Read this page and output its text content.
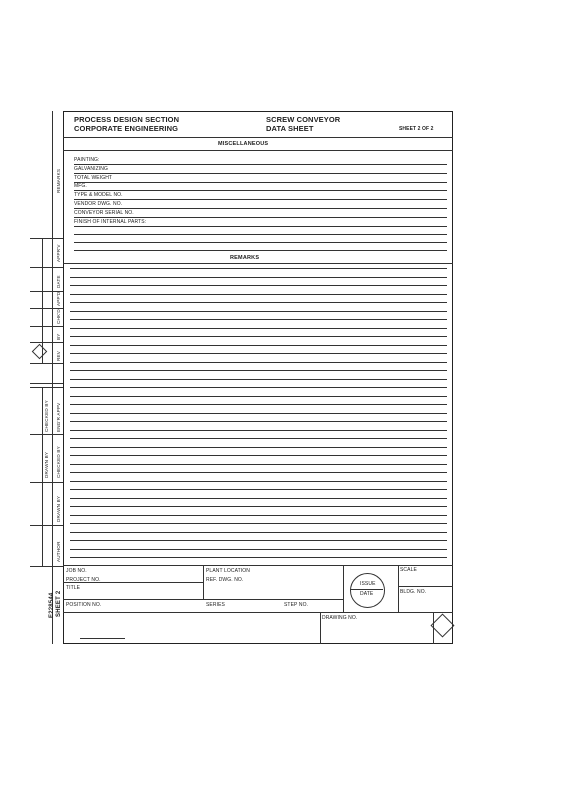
PROCESS DESIGN SECTION
CORPORATE ENGINEERING
SCREW CONVEYOR
DATA SHEET	SHEET 2 OF 2
MISCELLANEOUS
PAINTING:
GALVANIZING
TOTAL WEIGHT
MFG.
TYPE & MODEL NO.
VENDOR DWG. NO.
CONVEYOR SERIAL NO.
FINISH OF INTERNAL PARTS:
REMARKS
REMARKS
APPR'V
DATE
APP'D
CHK'D
BY
REV
CHECKED BY
DRAWN BY
ENG'R APPV
CHECKED BY
DRAWN BY
AUTHOR
E228544 SHEET 2
JOB NO.
PROJECT NO.
TITLE
POSITION NO.
PLANT LOCATION
REF. DWG. NO.
SERIES	STEP NO.
SCALE
BLDG. NO.
DRAWING NO.
ISSUE
DATE
